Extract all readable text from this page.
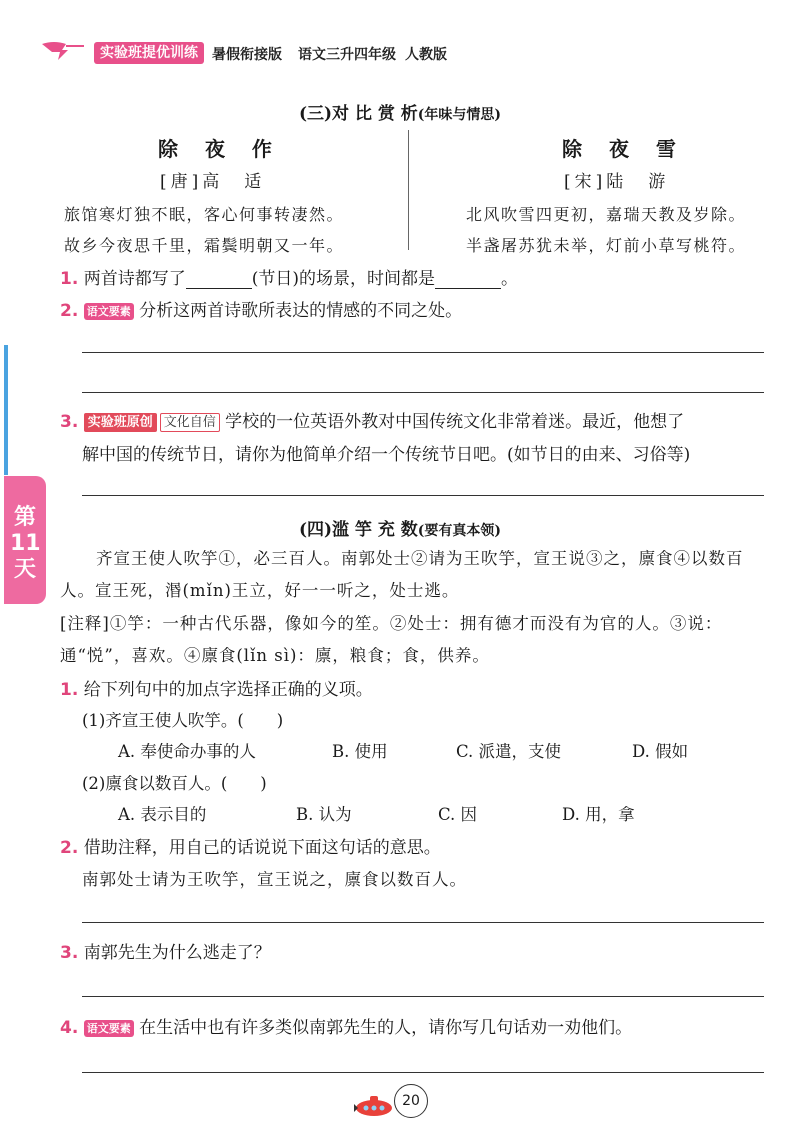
实验班提优训练	暑假衔接版 语文三升四年级 人教版
第11天
(三)对 比 赏 析(年味与情思)
除 夜 作
[唐]高　适
旅馆寒灯独不眠，客心何事转凄然。
故乡今夜思千里，霜鬓明朝又一年。
除 夜 雪
[宋]陆　游
北风吹雪四更初，嘉瑞天教及岁除。
半盏屠苏犹未举，灯前小草写桃符。
1. 两首诗都写了	(节日)的场景，时间都是	。
2. 语文要素 分析这两首诗歌所表达的情感的不同之处。
3. 实验班原创 文化自信 学校的一位英语外教对中国传统文化非常着迷。最近，他想了
解中国的传统节日，请你为他简单介绍一个传统节日吧。(如节日的由来、习俗等)
(四)滥 竽 充 数(要有真本领)
齐宣王使人吹竽①，必三百人。南郭处士②请为王吹竽，宣王说③之，廪食④以数百
人。宣王死，湣(mǐn)王立，好一一听之，处士逃。
[注释]①竽：一种古代乐器，像如今的笙。②处士：拥有德才而没有为官的人。③说：
通“悦”，喜欢。④廪食(lǐn sì)：廪，粮食；食，供养。
1. 给下列句中的加点字选择正确的义项。
(1)齐宣王使人吹竽。(　　)
A. 奉使命办事的人	B. 使用	C. 派遣，支使	D. 假如
(2)廪食以数百人。(　　)
A. 表示目的	B. 认为	C. 因	D. 用，拿
2. 借助注释，用自己的话说说下面这句话的意思。
南郭处士请为王吹竽，宣王说之，廪食以数百人。
3. 南郭先生为什么逃走了？
4. 语文要素 在生活中也有许多类似南郭先生的人，请你写几句话劝一劝他们。
20
